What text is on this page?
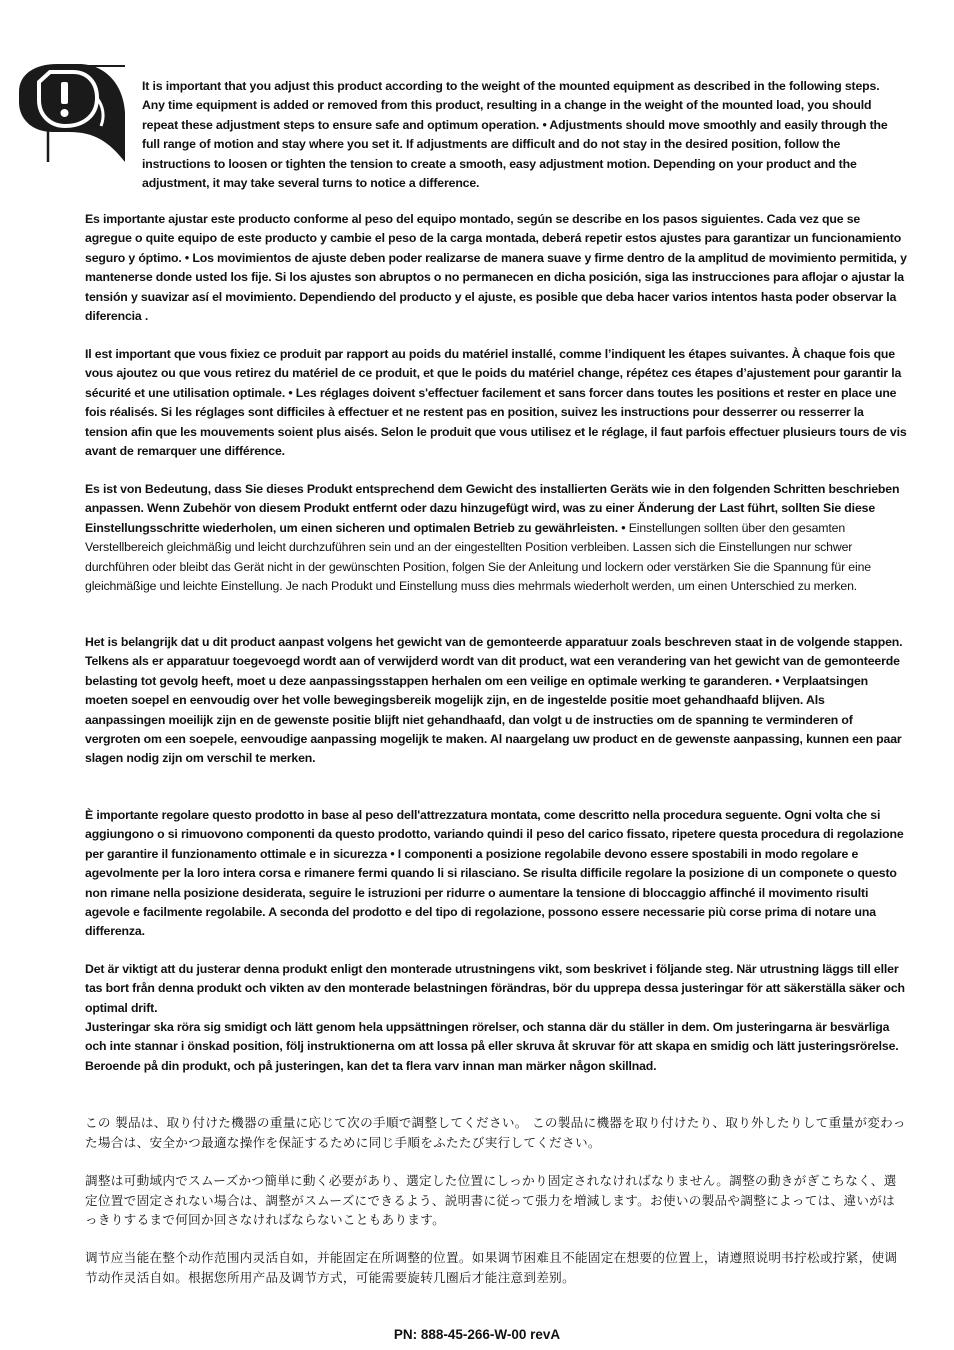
It is important that you adjust this product according to the weight of the mounted equipment as described in the following steps. Any time equipment is added or removed from this product, resulting in a change in the weight of the mounted load, you should repeat these adjustment steps to ensure safe and optimum operation. • Adjustments should move smoothly and easily through the full range of motion and stay where you set it. If adjustments are difficult and do not stay in the desired position, follow the instructions to loosen or tighten the tension to create a smooth, easy adjustment motion. Depending on your product and the adjustment, it may take several turns to notice a difference.

Es importante ajustar este producto conforme al peso del equipo montado, según se describe en los pasos siguientes. Cada vez que se agregue o quite equipo de este producto y cambie el peso de la carga montada, deberá repetir estos ajustes para garantizar un funcionamiento seguro y óptimo. • Los movimientos de ajuste deben poder realizarse de manera suave y firme dentro de la amplitud de movimiento permitida, y mantenerse donde usted los fije. Si los ajustes son abruptos o no permanecen en dicha posición, siga las instrucciones para aflojar o ajustar la tensión y suavizar así el movimiento. Dependiendo del producto y el ajuste, es posible que deba hacer varios intentos hasta poder observar la diferencia .

Il est important que vous fixiez ce produit par rapport au poids du matériel installé, comme l’indiquent les étapes suivantes. À chaque fois que vous ajoutez ou que vous retirez du matériel de ce produit, et que le poids du matériel change, répétez ces étapes d’ajustement pour garantir la sécurité et une utilisation optimale. • Les réglages doivent s'effectuer facilement et sans forcer dans toutes les positions et rester en place une fois réalisés. Si les réglages sont difficiles à effectuer et ne restent pas en position, suivez les instructions pour desserrer ou resserrer la tension afin que les mouvements soient plus aisés. Selon le produit que vous utilisez et le réglage, il faut parfois effectuer plusieurs tours de vis avant de remarquer une différence.

Es ist von Bedeutung, dass Sie dieses Produkt entsprechend dem Gewicht des installierten Geräts wie in den folgenden Schritten beschrieben anpassen. Wenn Zubehör von diesem Produkt entfernt oder dazu hinzugefügt wird, was zu einer Änderung der Last führt, sollten Sie diese Einstellungsschritte wiederholen, um einen sicheren und optimalen Betrieb zu gewährleisten. • Einstellungen sollten über den gesamten Verstellbereich gleichmäßig und leicht durchzuführen sein und an der eingestellten Position verbleiben. Lassen sich die Einstellungen nur schwer durchführen oder bleibt das Gerät nicht in der gewünschten Position, folgen Sie der Anleitung und lockern oder verstärken Sie die Spannung für eine gleichmäßige und leichte Einstellung. Je nach Produkt und Einstellung muss dies mehrmals wiederholt werden, um einen Unterschied zu merken.

Het is belangrijk dat u dit product aanpast volgens het gewicht van de gemonteerde apparatuur zoals beschreven staat in de volgende stappen. Telkens als er apparatuur toegevoegd wordt aan of verwijderd wordt van dit product, wat een verandering van het gewicht van de gemonteerde belasting tot gevolg heeft, moet u deze aanpassingsstappen herhalen om een veilige en optimale werking te garanderen. • Verplaatsingen moeten soepel en eenvoudig over het volle bewegingsbereik mogelijk zijn, en de ingestelde positie moet gehandhaafd blijven. Als aanpassingen moeilijk zijn en de gewenste positie blijft niet gehandhaafd, dan volgt u de instructies om de spanning te verminderen of vergroten om een soepele, eenvoudige aanpassing mogelijk te maken. Al naargelang uw product en de gewenste aanpassing, kunnen een paar slagen nodig zijn om verschil te merken.

È importante regolare questo prodotto in base al peso dell'attrezzatura montata, come descritto nella procedura seguente. Ogni volta che si aggiungono o si rimuovono componenti da questo prodotto, variando quindi il peso del carico fissato, ripetere questa procedura di regolazione per garantire il funzionamento ottimale e in sicurezza • I componenti a posizione regolabile devono essere spostabili in modo regolare e agevolmente per la loro intera corsa e rimanere fermi quando li si rilasciano. Se risulta difficile regolare la posizione di un componete o questo non rimane nella posizione desiderata, seguire le istruzioni per ridurre o aumentare la tensione di bloccaggio affinché il movimento risulti agevole e facilmente regolabile. A seconda del prodotto e del tipo di regolazione, possono essere necessarie più corse prima di notare una differenza.

Det är viktigt att du justerar denna produkt enligt den monterade utrustningens vikt, som beskrivet i följande steg. När utrustning läggs till eller tas bort från denna produkt och vikten av den monterade belastningen förändras, bör du upprepa dessa justeringar för att säkerställa säker och optimal drift.

Justeringar ska röra sig smidigt och lätt genom hela uppsättningen rörelser, och stanna där du ställer in dem. Om justeringarna är besvärliga och inte stannar i önskad position, följ instruktionerna om att lossa på eller skruva åt skruvar för att skapa en smidig och lätt justeringsrörelse. Beroende på din produkt, och på justeringen, kan det ta flera varv innan man märker någon skillnad.

この 製品は、取り付けた機器の重量に応じて次の手順で調整してください。 この製品に機器を取り付けたり、取り外したりして重量が変わった場合は、安全かつ最適な操作を保証するために同じ手順をふたたび実行してください。

調整は可動域内でスムーズかつ簡単に動く必要があり、選定した位置にしっかり固定されなければなりません。調整の動きがぎこちなく、選定位置で固定されない場合は、調整がスムーズにできるよう、説明書に従って張力を増減します。お使いの製品や調整によっては、違いがはっきりするまで何回か回さなければならないこともあります。

调节应当能在整个动作范围内灵活自如，并能固定在所调整的位置。如果调节困难且不能固定在想要的位置上，请遵照说明书拧松或拧紧，使调节动作灵活自如。根据您所用产品及调节方式，可能需要旋转几圈后才能注意到差别。

PN: 888-45-266-W-00 revA
